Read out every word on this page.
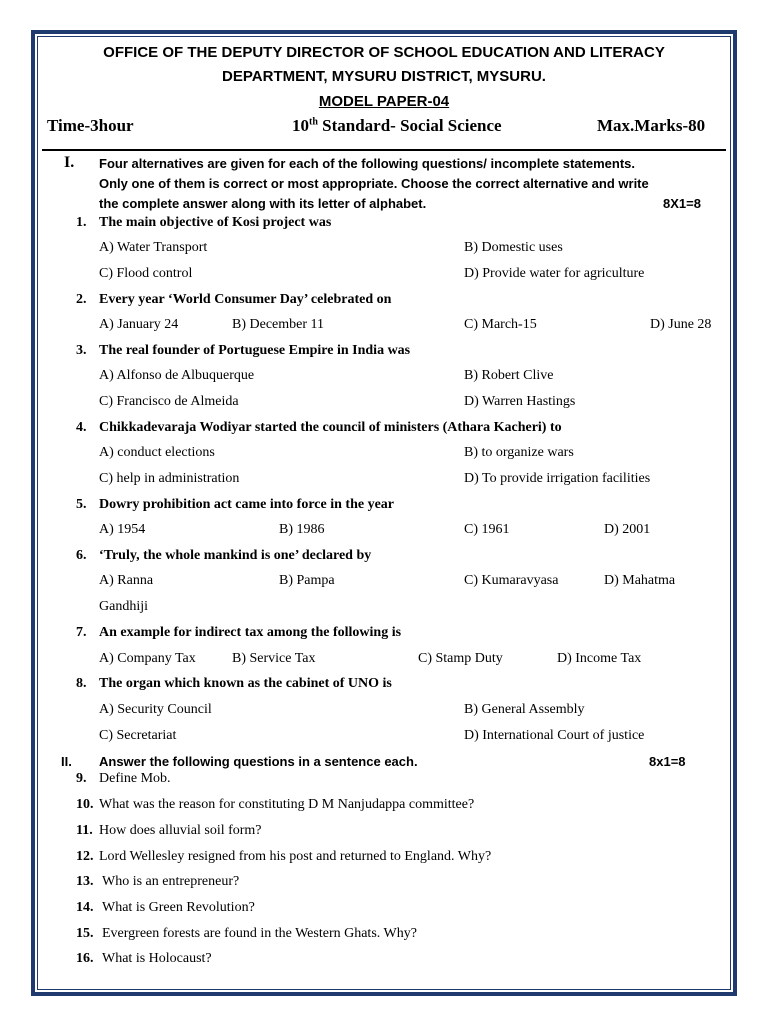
OFFICE OF THE DEPUTY DIRECTOR OF SCHOOL EDUCATION AND LITERACY
DEPARTMENT, MYSURU DISTRICT, MYSURU.
MODEL PAPER-04
Time-3hour	10th Standard- Social Science	Max.Marks-80
I. Four alternatives are given for each of the following questions/ incomplete statements.
Only one of them is correct or most appropriate. Choose the correct alternative and write
the complete answer along with its letter of alphabet.	8X1=8
1. The main objective of Kosi project was
A) Water Transport	B) Domestic uses
C) Flood control	D) Provide water for agriculture
2. Every year ‘World Consumer Day’ celebrated on
A) January 24	B) December 11	C) March-15	D) June 28
3. The real founder of Portuguese Empire in India was
A) Alfonso de Albuquerque	B) Robert Clive
C) Francisco de Almeida	D) Warren Hastings
4. Chikkadevaraja Wodiyar started the council of ministers (Athara Kacheri) to
A) conduct elections	B) to organize wars
C) help in administration	D) To provide irrigation facilities
5. Dowry prohibition act came into force in the year
A) 1954	B) 1986	C) 1961	D) 2001
6. ‘Truly, the whole mankind is one’ declared by
A) Ranna	B) Pampa	C) Kumaravyasa	D) Mahatma
Gandhiji
7. An example for indirect tax among the following is
A) Company Tax	B) Service Tax	C) Stamp Duty	D) Income Tax
8. The organ which known as the cabinet of UNO is
A) Security Council	B) General Assembly
C) Secretariat	D) International Court of justice
II. Answer the following questions in a sentence each.	8x1=8
9. Define Mob.
10. What was the reason for constituting D M Nanjudappa committee?
11. How does alluvial soil form?
12. Lord Wellesley resigned from his post and returned to England. Why?
13. Who is an entrepreneur?
14. What is Green Revolution?
15. Evergreen forests are found in the Western Ghats. Why?
16. What is Holocaust?
